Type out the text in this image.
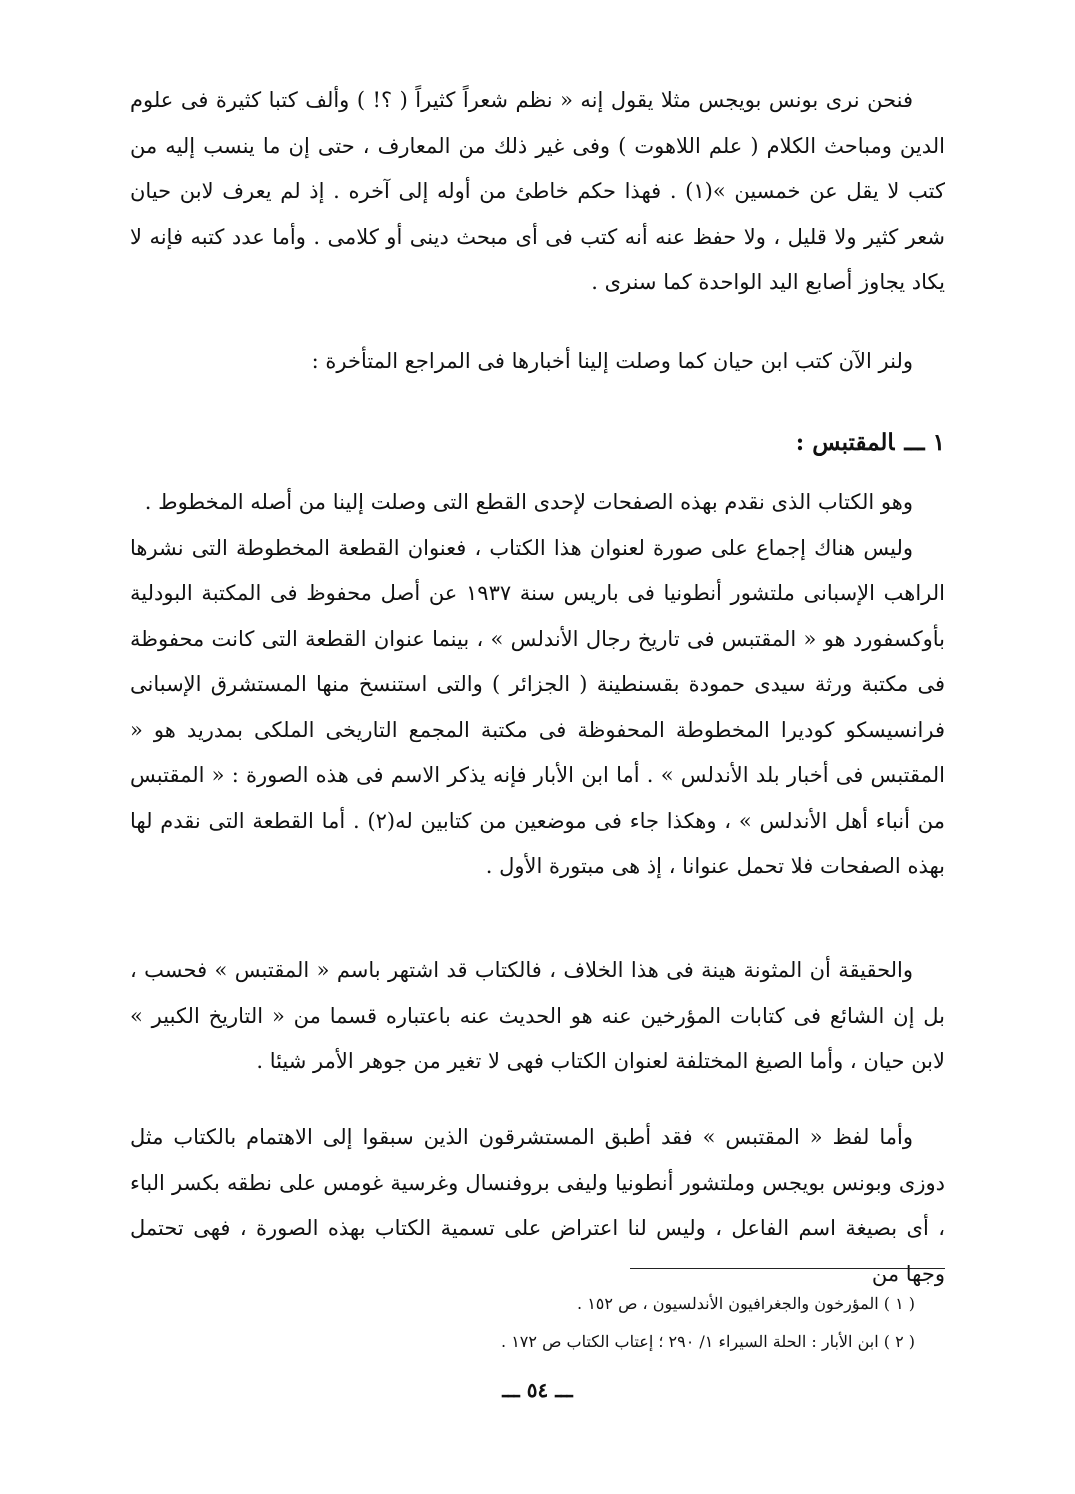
فنحن نرى بونس بويجس مثلا يقول إنه « نظم شعراً كثيراً ( ؟! ) وألف كتبا كثيرة فى علوم الدين ومباحث الكلام ( علم اللاهوت ) وفى غير ذلك من المعارف ، حتى إن ما ينسب إليه من كتب لا يقل عن خمسين »(١) . فهذا حكم خاطئ من أوله إلى آخره . إذ لم يعرف لابن حيان شعر كثير ولا قليل ، ولا حفظ عنه أنه كتب فى أى مبحث دينى أو كلامى . وأما عدد كتبه فإنه لا يكاد يجاوز أصابع اليد الواحدة كما سنرى .

ولنر الآن كتب ابن حيان كما وصلت إلينا أخبارها فى المراجع المتأخرة :

١ ـــالمقتبس :

وهو الكتاب الذى نقدم بهذه الصفحات لإحدى القطع التى وصلت إلينا من أصله المخطوط .

وليس هناك إجماع على صورة لعنوان هذا الكتاب ، فعنوان القطعة المخطوطة التى نشرها الراهب الإسبانى ملتشور أنطونيا فى باريس سنة ١٩٣٧ عن أصل محفوظ فى المكتبة البودلية بأوكسفورد هو « المقتبس فى تاريخ رجال الأندلس » ، بينما عنوان القطعة التى كانت محفوظة فى مكتبة ورثة سيدى حمودة بقسنطينة ( الجزائر ) والتى استنسخ منها المستشرق الإسبانى فرانسيسكو كوديرا المخطوطة المحفوظة فى مكتبة المجمع التاريخى الملكى بمدريد هو « المقتبس فى أخبار بلد الأندلس » . أما ابن الأبار فإنه يذكر الاسم فى هذه الصورة : « المقتبس من أنباء أهل الأندلس » ، وهكذا جاء فى موضعين من كتابين له(٢) . أما القطعة التى نقدم لها بهذه الصفحات فلا تحمل عنوانا ، إذ هى مبتورة الأول .

والحقيقة أن المثونة هينة فى هذا الخلاف ، فالكتاب قد اشتهر باسم « المقتبس » فحسب ، بل إن الشائع فى كتابات المؤرخين عنه هو الحديث عنه باعتباره قسما من « التاريخ الكبير » لابن حيان ، وأما الصيغ المختلفة لعنوان الكتاب فهى لا تغير من جوهر الأمر شيئا .

وأما لفظ « المقتبس » فقد أطبق المستشرقون الذين سبقوا إلى الاهتمام بالكتاب مثل دوزى وبونس بويجس وملتشور أنطونيا وليفى بروفنسال وغرسية غومس على نطقه بكسر الباء ، أى بصيغة اسم الفاعل ، وليس لنا اعتراض على تسمية الكتاب بهذه الصورة ، فهى تحتمل وجها من

( ١ ) المؤرخون والجغرافيون الأندلسيون ، ص ١٥٢ .
( ٢ ) ابن الأبار : الحلة السيراء ١/ ٢٩٠ ؛ إعتاب الكتاب ص ١٧٢ .
ـــ ٥٤ ـــ
